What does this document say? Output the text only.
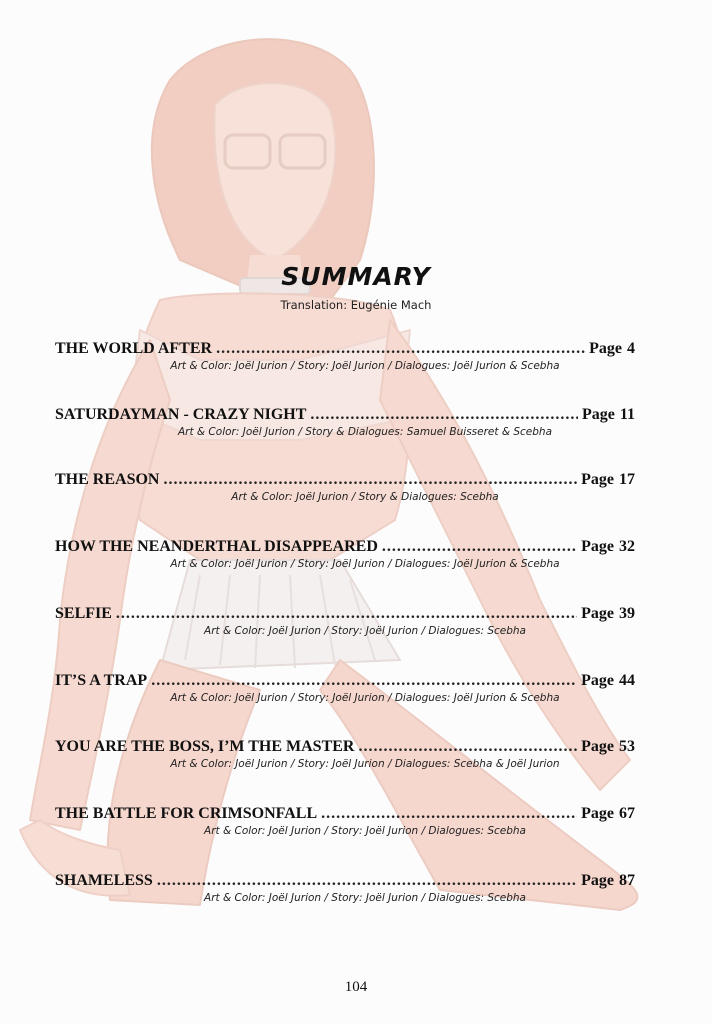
SUMMARY
Translation: Eugénie Mach
THE WORLD AFTER .....	Page 4
Art & Color: Joël Jurion / Story: Joël Jurion / Dialogues: Joël Jurion & Scebha
SATURDAYMAN - CRAZY NIGHT .....	Page 11
Art & Color: Joël Jurion / Story & Dialogues: Samuel Buisseret & Scebha
THE REASON .....	Page 17
Art & Color: Joël Jurion / Story & Dialogues: Scebha
HOW THE NEANDERTHAL DISAPPEARED .....	Page 32
Art & Color: Joël Jurion / Story: Joël Jurion / Dialogues: Joël Jurion & Scebha
SELFIE .....	Page 39
Art & Color: Joël Jurion / Story: Joël Jurion / Dialogues: Scebha
IT’S A TRAP .....	Page 44
Art & Color: Joël Jurion / Story: Joël Jurion / Dialogues: Joël Jurion & Scebha
YOU ARE THE BOSS, I’M THE MASTER .....	Page 53
Art & Color: Joël Jurion / Story: Joël Jurion / Dialogues: Scebha & Joël Jurion
THE BATTLE FOR CRIMSONFALL .....	Page 67
Art & Color: Joël Jurion / Story: Joël Jurion / Dialogues: Scebha
SHAMELESS .....	Page 87
Art & Color: Joël Jurion / Story: Joël Jurion / Dialogues: Scebha
104
